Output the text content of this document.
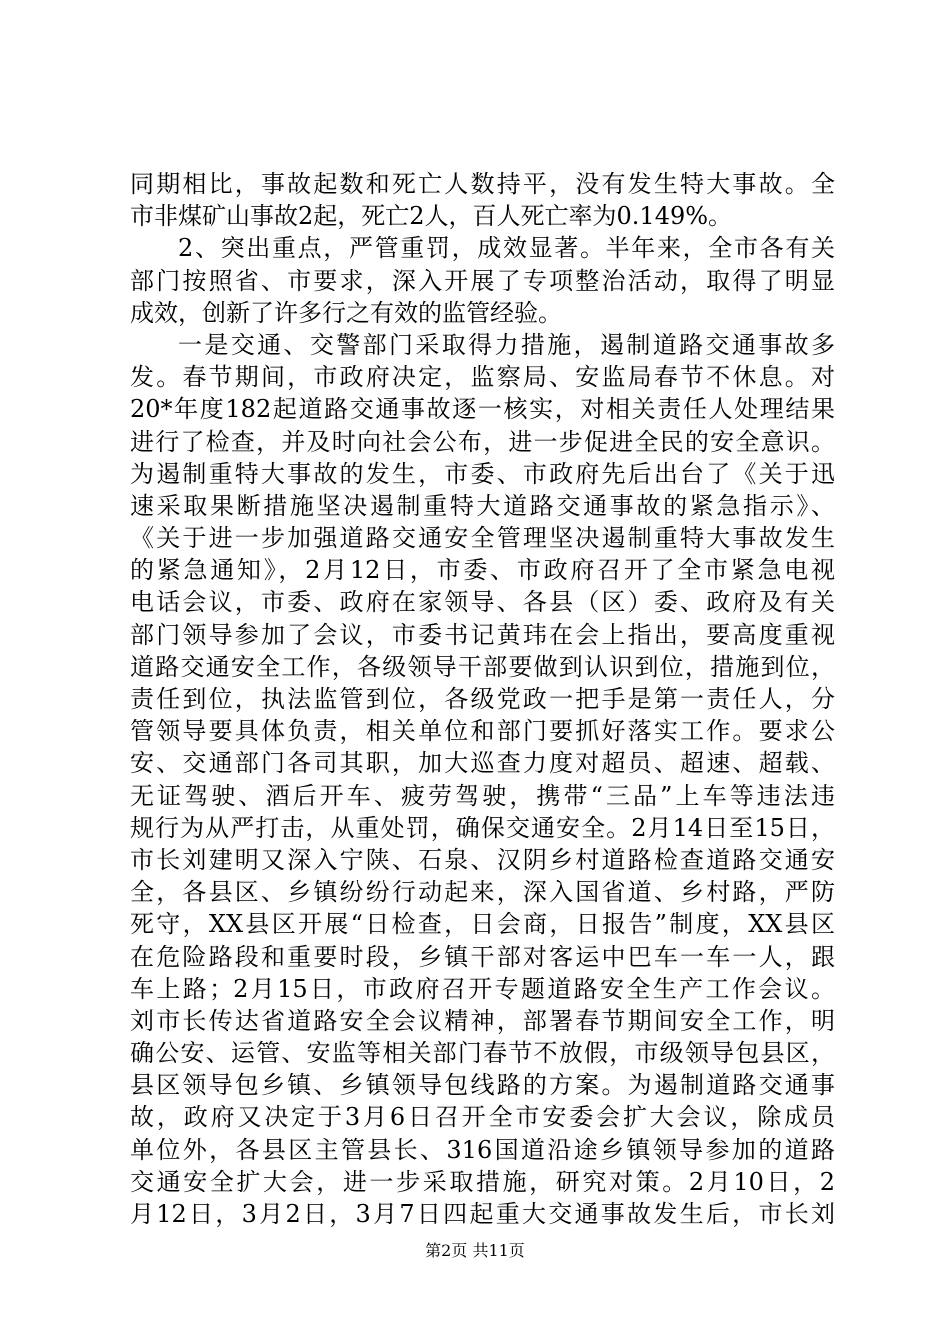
同期相比，事故起数和死亡人数持平，没有发生特大事故。全
市非煤矿山事故2起，死亡2人，百人死亡率为0.149%。
2、突出重点，严管重罚，成效显著。半年来，全市各有关
部门按照省、市要求，深入开展了专项整治活动，取得了明显
成效，创新了许多行之有效的监管经验。
一是交通、交警部门采取得力措施，遏制道路交通事故多
发。春节期间，市政府决定，监察局、安监局春节不休息。对
20*年度182起道路交通事故逐一核实，对相关责任人处理结果
进行了检查，并及时向社会公布，进一步促进全民的安全意识。
为遏制重特大事故的发生，市委、市政府先后出台了《关于迅
速采取果断措施坚决遏制重特大道路交通事故的紧急指示》、
《关于进一步加强道路交通安全管理坚决遏制重特大事故发生
的紧急通知》，2月12日，市委、市政府召开了全市紧急电视
电话会议，市委、政府在家领导、各县（区）委、政府及有关
部门领导参加了会议，市委书记黄玮在会上指出，要高度重视
道路交通安全工作，各级领导干部要做到认识到位，措施到位，
责任到位，执法监管到位，各级党政一把手是第一责任人，分
管领导要具体负责，相关单位和部门要抓好落实工作。要求公
安、交通部门各司其职，加大巡查力度对超员、超速、超载、
无证驾驶、酒后开车、疲劳驾驶，携带“三品”上车等违法违
规行为从严打击，从重处罚，确保交通安全。2月14日至15日，
市长刘建明又深入宁陕、石泉、汉阴乡村道路检查道路交通安
全，各县区、乡镇纷纷行动起来，深入国省道、乡村路，严防
死守，XX县区开展“日检查，日会商，日报告”制度，XX县区
在危险路段和重要时段，乡镇干部对客运中巴车一车一人，跟
车上路；2月15日，市政府召开专题道路安全生产工作会议。
刘市长传达省道路安全会议精神，部署春节期间安全工作，明
确公安、运管、安监等相关部门春节不放假，市级领导包县区，
县区领导包乡镇、乡镇领导包线路的方案。为遏制道路交通事
故，政府又决定于3月6日召开全市安委会扩大会议，除成员
单位外，各县区主管县长、316国道沿途乡镇领导参加的道路
交通安全扩大会，进一步采取措施，研究对策。2月10日，2
月12日，3月2日，3月7日四起重大交通事故发生后，市长刘
第2页 共11页
